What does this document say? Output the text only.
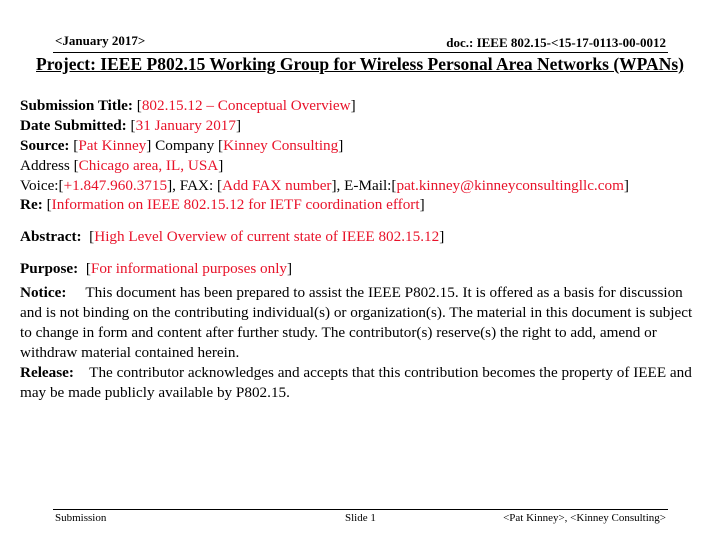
<January 2017>	doc.: IEEE 802.15-<15-17-0113-00-0012
Project: IEEE P802.15 Working Group for Wireless Personal Area Networks (WPANs)
Submission Title: [802.15.12 – Conceptual Overview]
Date Submitted: [31 January 2017]
Source: [Pat Kinney] Company [Kinney Consulting]
Address [Chicago area, IL, USA]
Voice:[+1.847.960.3715], FAX: [Add FAX number], E-Mail:[pat.kinney@kinneyconsultingllc.com]
Re: [Information on IEEE 802.15.12 for IETF coordination effort]
Abstract:  [High Level Overview of current state of IEEE 802.15.12]
Purpose:  [For informational purposes only]
Notice: This document has been prepared to assist the IEEE P802.15. It is offered as a basis for discussion and is not binding on the contributing individual(s) or organization(s). The material in this document is subject to change in form and content after further study. The contributor(s) reserve(s) the right to add, amend or withdraw material contained herein.
Release: The contributor acknowledges and accepts that this contribution becomes the property of IEEE and may be made publicly available by P802.15.
Submission	Slide 1	<Pat Kinney>, <Kinney Consulting>
